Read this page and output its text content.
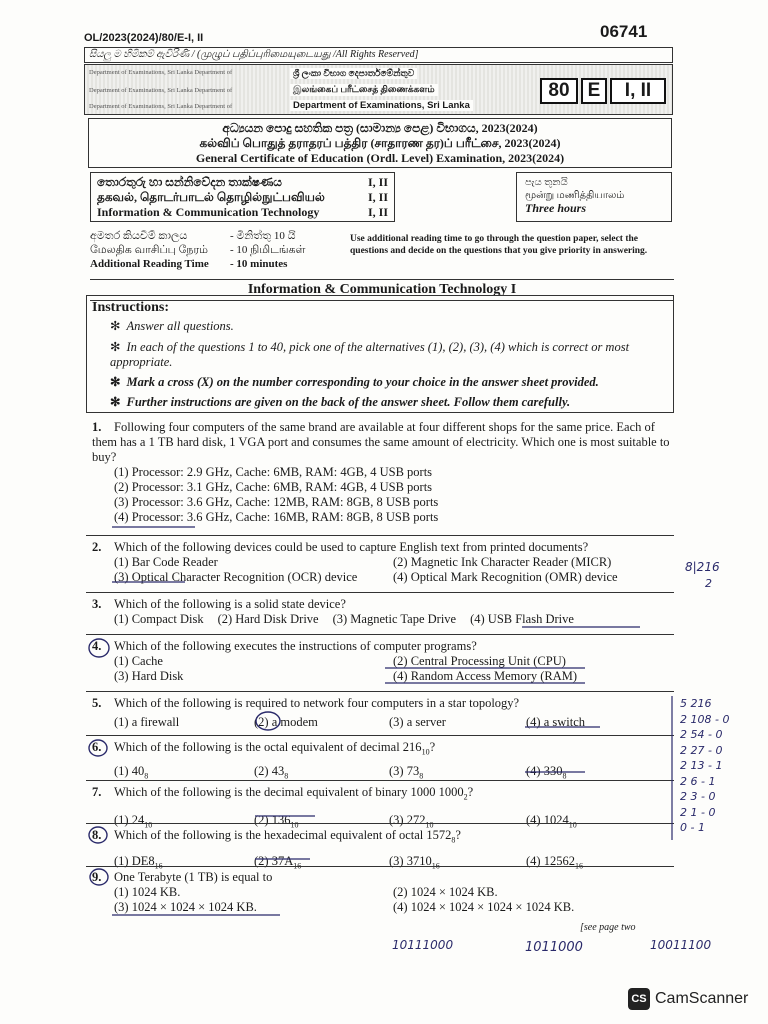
OL/2023(2024)/80/E-I, II	06741
සියලු ම හිමිකම් ඇවිරිණි / (முழுப் பதிப்புரிமையுடையது /All Rights Reserved]
Department of Examinations, Sri Lanka Department of
Department of Examinations, Sri Lanka Department of
Department of Examinations, Sri Lanka Department of
ශ්‍රී ලංකා විභාග දෙපාර්තමේන්තුව
இலங்கைப் பரீட்சைத் திணைக்களம்
Department of Examinations, Sri Lanka
80 E	I, II
අධ්‍යයන පොදු සහතික පත්‍ර (සාමාන්‍ය පෙළ) විභාගය, 2023(2024)
கல்விப் பொதுத் தராதரப் பத்திர (சாதாரண தர)ப் பரீட்சை, 2023(2024)
General Certificate of Education (Ordl. Level) Examination, 2023(2024)
තොරතුරු හා සන්නිවේදන තාක්ෂණය	I, II
தகவல், தொடர்பாடல் தொழில்நுட்பவியல்	I, II
Information & Communication Technology	I, II
පැය තුනයි
மூன்று மணித்தியாலம்
Three hours
අමතර කියවීම් කාලය	- මිනිත්තු 10 යි
மேலதிக வாசிப்பு நேரம்	- 10 நிமிடங்கள்
Additional Reading Time	- 10 minutes
Use additional reading time to go through the question paper, select the questions and decide on the questions that you give priority in answering.
Information & Communication Technology I
Instructions:
✻ Answer all questions.
✻ In each of the questions 1 to 40, pick one of the alternatives (1), (2), (3), (4) which is correct or most appropriate.
✻ Mark a cross (X) on the number corresponding to your choice in the answer sheet provided.
✻ Further instructions are given on the back of the answer sheet. Follow them carefully.
1. Following four computers of the same brand are available at four different shops for the same price. Each of them has a 1 TB hard disk, 1 VGA port and consumes the same amount of electricity. Which one is most suitable to buy?
(1) Processor: 2.9 GHz, Cache: 6MB, RAM: 4GB, 4 USB ports
(2) Processor: 3.1 GHz, Cache: 6MB, RAM: 4GB, 4 USB ports
(3) Processor: 3.6 GHz, Cache: 12MB, RAM: 8GB, 8 USB ports
(4) Processor: 3.6 GHz, Cache: 16MB, RAM: 8GB, 8 USB ports
2. Which of the following devices could be used to capture English text from printed documents?
(1) Bar Code Reader	(2) Magnetic Ink Character Reader (MICR)
(3) Optical Character Recognition (OCR) device	(4) Optical Mark Recognition (OMR) device
3. Which of the following is a solid state device?
(1) Compact Disk (2) Hard Disk Drive (3) Magnetic Tape Drive (4) USB Flash Drive
4. Which of the following executes the instructions of computer programs?
(1) Cache	(2) Central Processing Unit (CPU)
(3) Hard Disk	(4) Random Access Memory (RAM)
5. Which of the following is required to network four computers in a star topology?
(1) a firewall	(2) a modem	(3) a server	(4) a switch
6. Which of the following is the octal equivalent of decimal $216_{10}$?
(1) $40_8$	(2) $43_8$	(3) $73_8$	(4) $330_8$
7. Which of the following is the decimal equivalent of binary 1000 $1000_2$?
(1) $24_{10}$	(2) $136_{10}$	(3) $272_{10}$	(4) $1024_{10}$
8. Which of the following is the hexadecimal equivalent of octal $1572_8$?
(1) $DE8_{16}$	(2) $37A_{16}$	(3) $3710_{16}$	(4) $12562_{16}$
9. One Terabyte (1 TB) is equal to
(1) 1024 KB.	(2) 1024 × 1024 KB.
(3) 1024 × 1024 × 1024 KB.	(4) 1024 × 1024 × 1024 × 1024 KB.
[see page two
8|216
2
5 216
2 108 - 0
2 54 - 0
2 27 - 0
2 13 - 1
2 6 - 1
2 3 - 0
2 1 - 0
0 - 1
10111000	1011000	10011100
CS CamScanner
